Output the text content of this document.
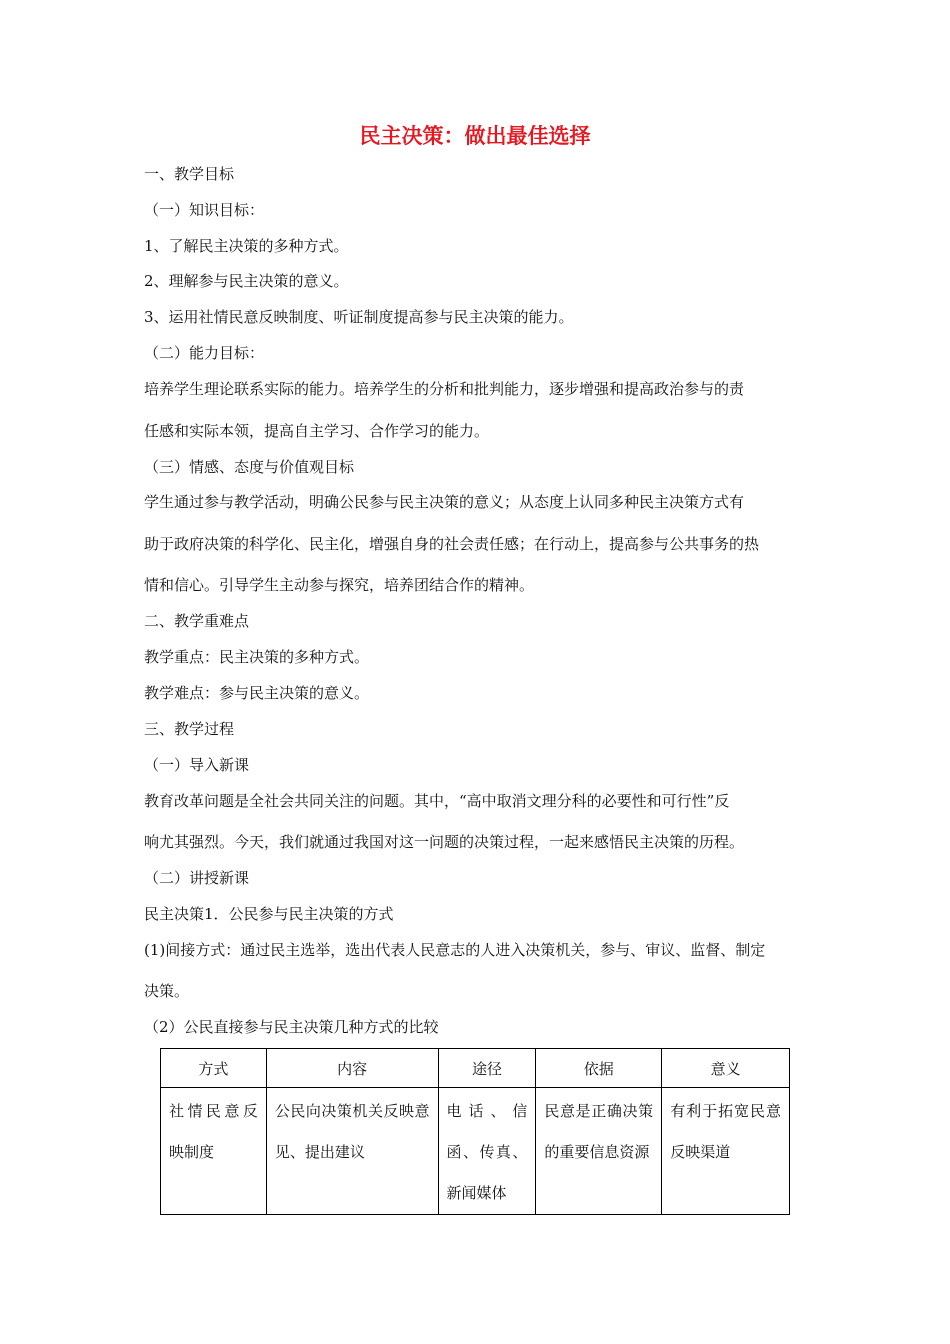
民主决策：做出最佳选择
一、教学目标
（一）知识目标：
1、了解民主决策的多种方式。
2、理解参与民主决策的意义。
3、运用社情民意反映制度、听证制度提高参与民主决策的能力。
（二）能力目标：
培养学生理论联系实际的能力。培养学生的分析和批判能力，逐步增强和提高政治参与的责
任感和实际本领，提高自主学习、合作学习的能力。
（三）情感、态度与价值观目标
学生通过参与教学活动，明确公民参与民主决策的意义；从态度上认同多种民主决策方式有
助于政府决策的科学化、民主化，增强自身的社会责任感；在行动上，提高参与公共事务的热
情和信心。引导学生主动参与探究，培养团结合作的精神。
二、教学重难点
教学重点：民主决策的多种方式。
教学难点：参与民主决策的意义。
三、教学过程
（一）导入新课
教育改革问题是全社会共同关注的问题。其中，“高中取消文理分科的必要性和可行性”反
响尤其强烈。今天，我们就通过我国对这一问题的决策过程，一起来感悟民主决策的历程。
（二）讲授新课
民主决策1．公民参与民主决策的方式
(1)间接方式：通过民主选举，选出代表人民意志的人进入决策机关，参与、审议、监督、制定
决策。
（2）公民直接参与民主决策几种方式的比较
方式	内容	途径	依据	意义
社情民意反映制度	公民向决策机关反映意见、提出建议	电话、信函、传真、新闻媒体	民意是正确决策的重要信息资源	有利于拓宽民意反映渠道
